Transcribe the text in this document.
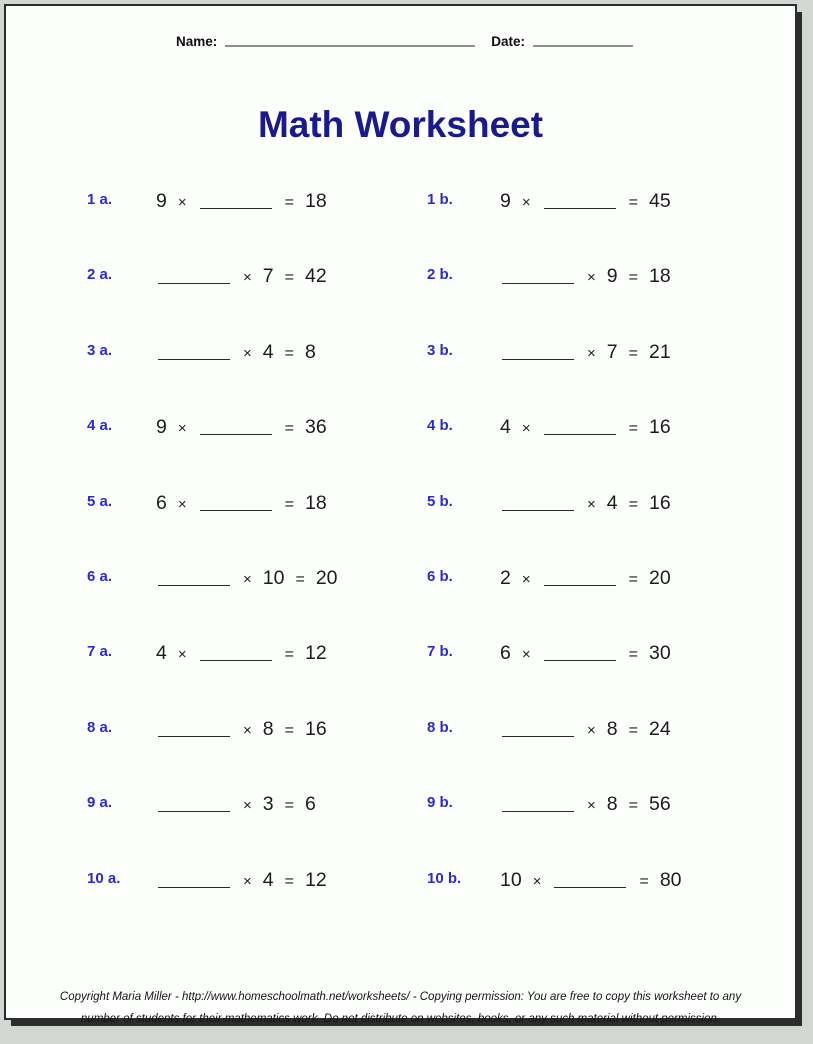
Name:	Date:
Math Worksheet
1 a. 9 ×	= 18	1 b. 9 ×	= 45
2 a.	× 7 = 42	2 b.	× 9 = 18
3 a.	× 4 = 8	3 b.	× 7 = 21
4 a. 9 ×	= 36	4 b. 4 ×	= 16
5 a. 6 ×	= 18	5 b.	× 4 = 16
6 a.	× 10 = 20	6 b. 2 ×	= 20
7 a. 4 ×	= 12	7 b. 6 ×	= 30
8 a.	× 8 = 16	8 b.	× 8 = 24
9 a.	× 3 = 6	9 b.	× 8 = 56
10 a.	× 4 = 12	10 b. 10 ×	= 80
Copyright Maria Miller - http://www.homeschoolmath.net/worksheets/ - Copying permission: You are free to copy this worksheet to any
number of students for their mathematics work. Do not distribute on websites, books, or any such material without permission.
